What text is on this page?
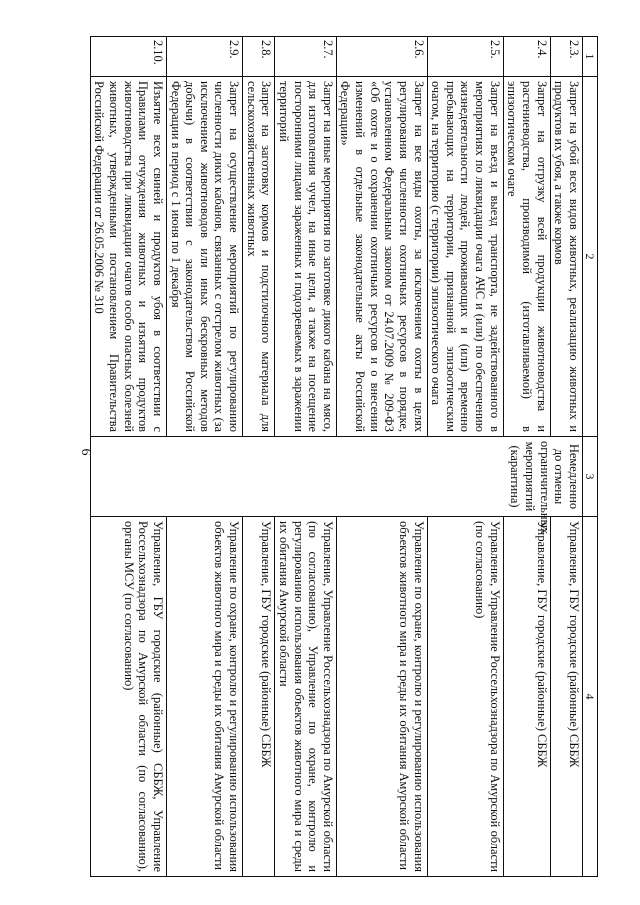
6
1	2	3	4
2.3.	Запрет на убой всех видов животных, реализацию животных и продуктов их убоя, а также кормов	Немедленно до отмены ограничительных мероприятий (карантина)	Управление, ГБУ городские (районные) СББЖ
2.4.	Запрет на отгрузку всей продукции животноводства и растениеводства, производимой (изготавливаемой) в эпизоотическом очаге		Управление, ГБУ городские (районные) СББЖ
2.5.	Запрет на въезд и выезд транспорта, не задействованного в мероприятиях по ликвидации очага АЧС и (или) по обеспечению жизнедеятельности людей, проживающих и (или) временно пребывающих на территории, признанной эпизоотическим очагом, на территорию (с территории) эпизоотического очага		Управление, Управление Россельхознадзора по Амурской области (по согласованию)
2.6.	Запрет на все виды охоты, за исключением охоты в целях регулирования численности охотничьих ресурсов в порядке, установленном Федеральным законом от 24.07.2009 № 209-ФЗ «Об охоте и о сохранении охотничьих ресурсов и о внесении изменений в отдельные законодательные акты Российской Федерации»		Управление по охране, контролю и регулированию использования объектов животного мира и среды их обитания Амурской области
2.7.	Запрет на иные мероприятия по заготовке дикого кабана на мясо, для изготовления чучел, на иные цели, а также на посещение посторонними лицами зараженных и подозреваемых в заражении территорий		Управление, Управление Россельхознадзора по Амурской области (по согласованию), Управление по охране, контролю и регулированию использования объектов животного мира и среды их обитания Амурской области
2.8.	Запрет на заготовку кормов и подстилочного материала для сельскохозяйственных животных		Управление, ГБУ городские (районные) СББЖ
2.9.	Запрет на осуществление мероприятий по регулированию численности диких кабанов, связанных с отстрелом животных (за исключением животноводов или иных бескровных методов добычи) в соответствии с законодательством Российской Федерации в период с 1 июня по 1 декабря		Управление по охране, контролю и регулированию использования объектов животного мира и среды их обитания Амурской области
2.10.	Изъятие всех свиней и продуктов убоя в соответствии с Правилами отчуждения животных и изъятия продуктов животноводства при ликвидации очагов особо опасных болезней животных, утвержденными постановлением Правительства Российской Федерации от 26.05.2006 № 310		Управление, ГБУ городские (районные) СББЖ, Управление Россельхознадзора по Амурской области (по согласованию), органы МСУ (по согласованию)
